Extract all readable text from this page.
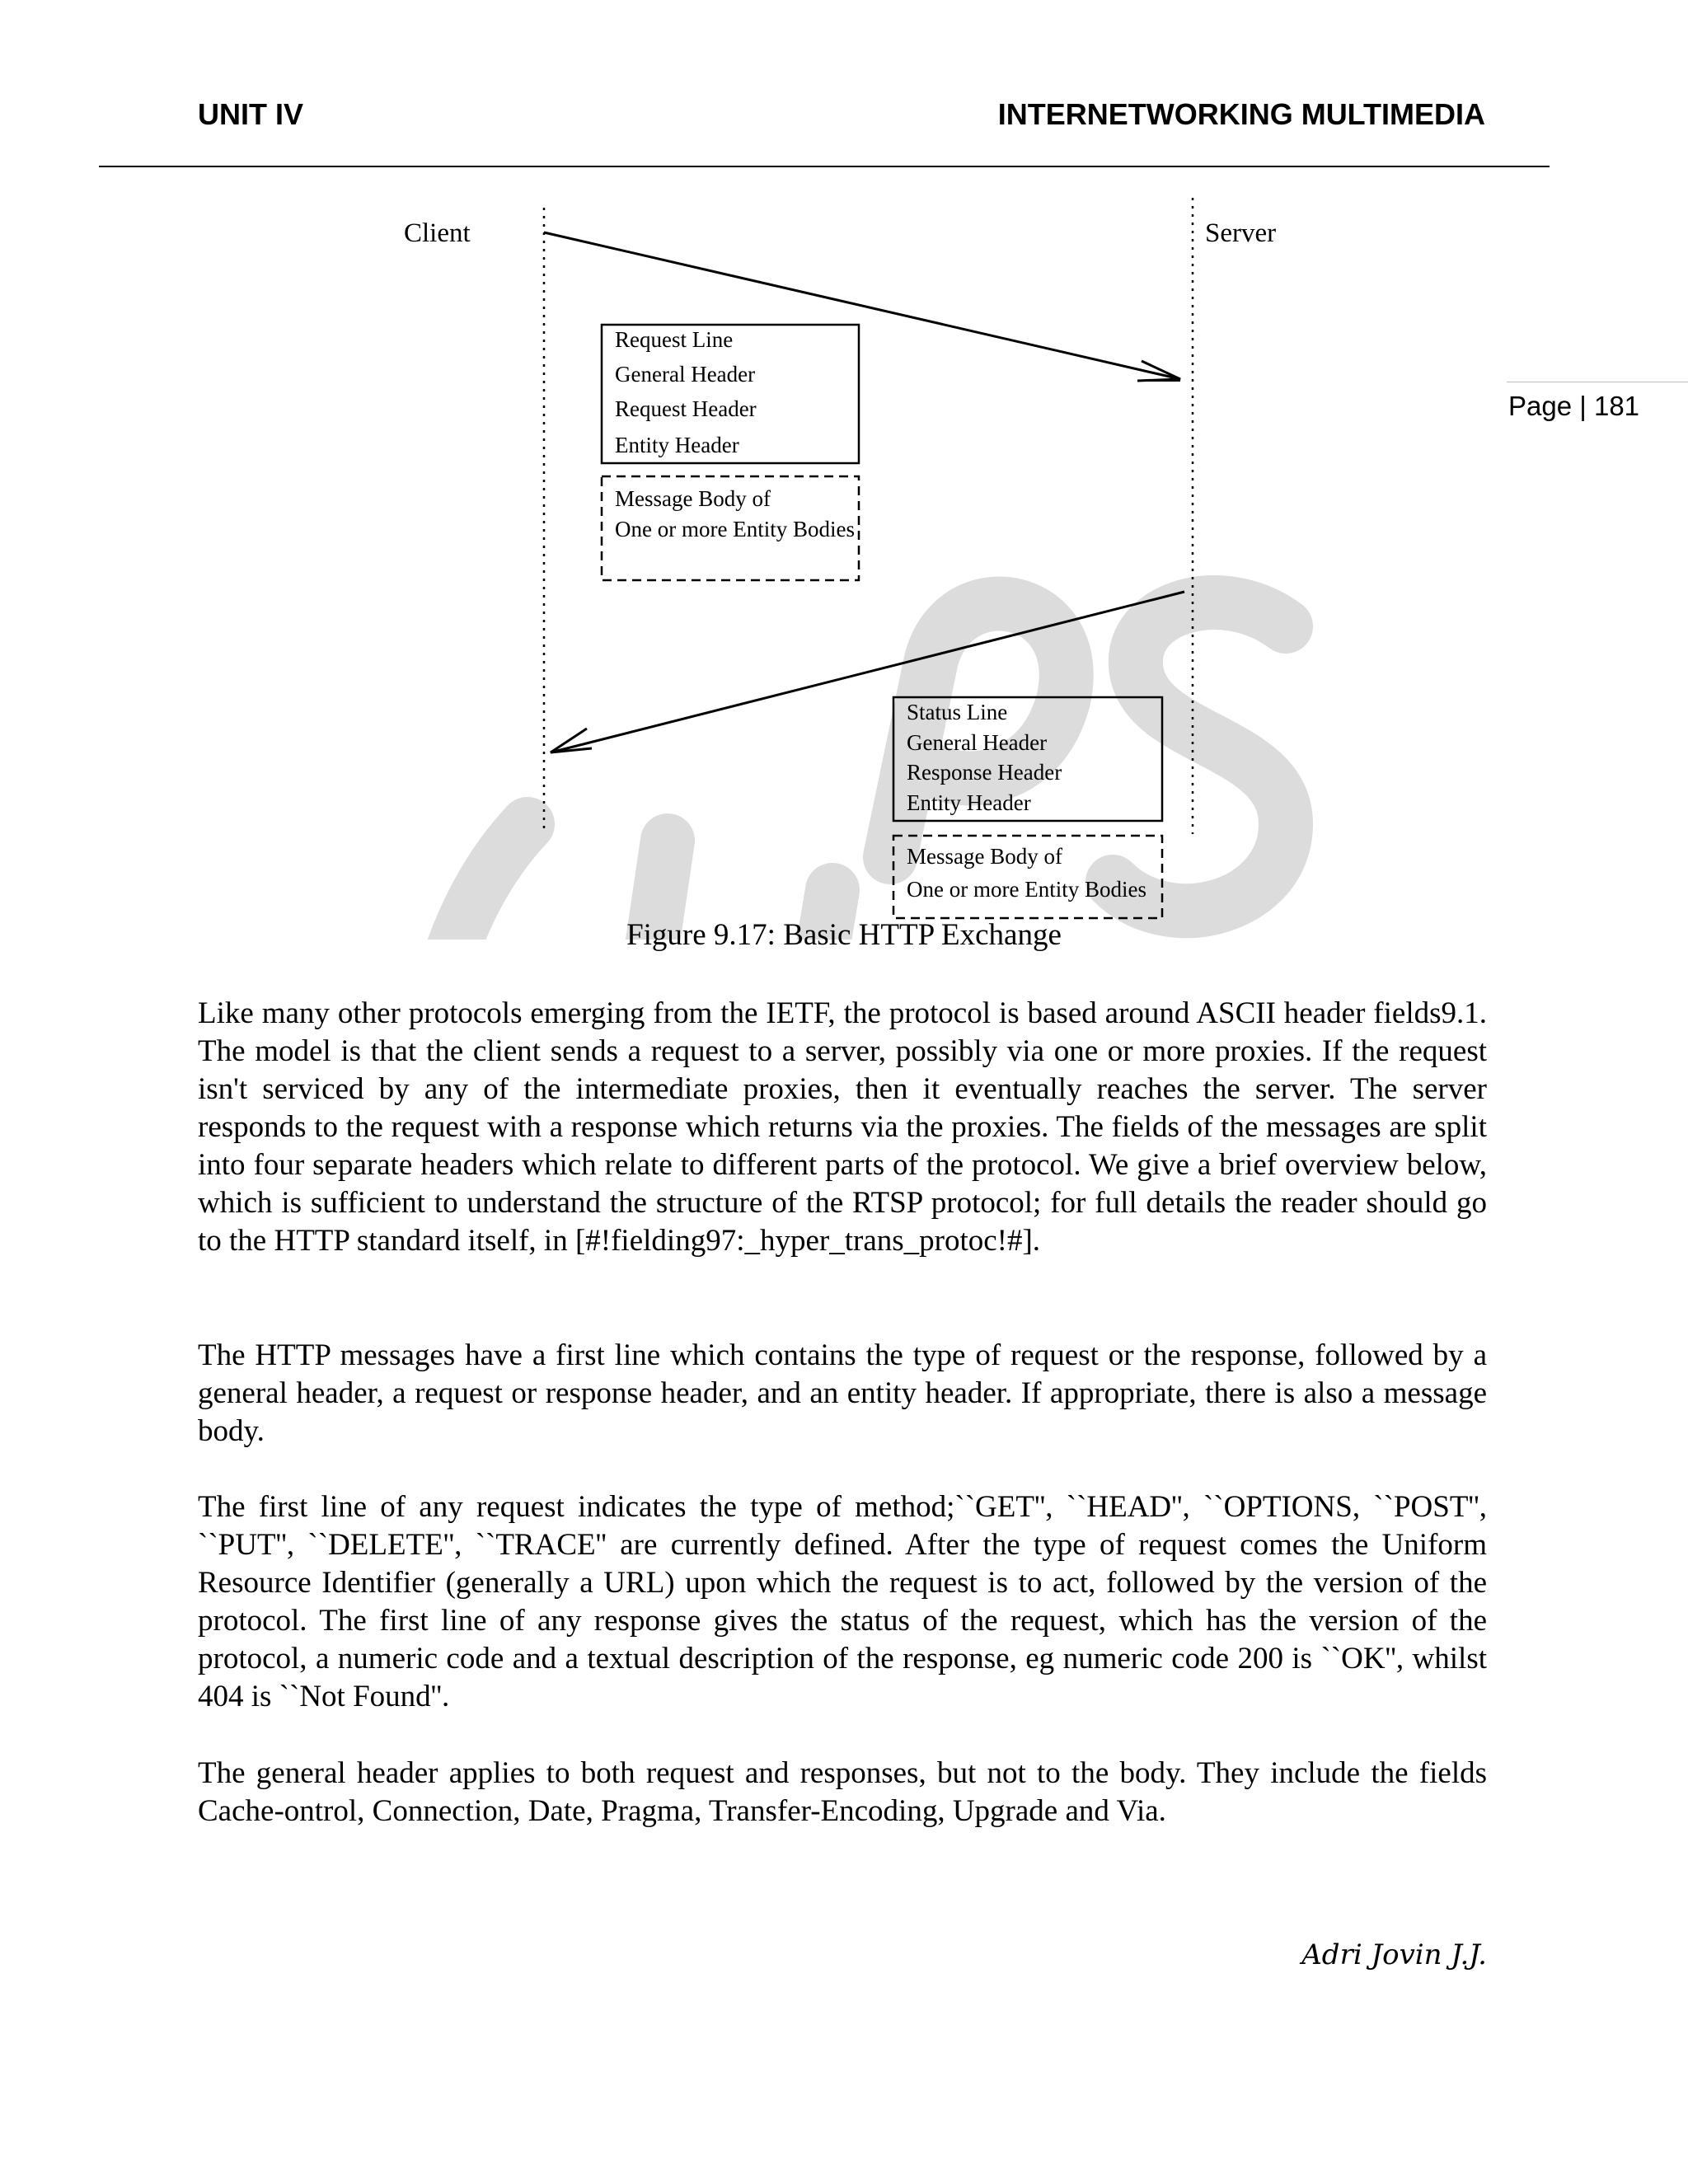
UNIT IV	INTERNETWORKING MULTIMEDIA
Page | 181
Client	Server
Request Line
General Header
Request Header
Entity Header
Message Body of
One or more Entity Bodies
Status Line
General Header
Response Header
Entity Header
Message Body of
One or more Entity Bodies
Figure 9.17: Basic HTTP Exchange

Like many other protocols emerging from the IETF, the protocol is based around ASCII header fields9.1. The model is that the client sends a request to a server, possibly via one or more proxies. If the request isn't serviced by any of the intermediate proxies, then it eventually reaches the server. The server responds to the request with a response which returns via the proxies. The fields of the messages are split into four separate headers which relate to different parts of the protocol. We give a brief overview below, which is sufficient to understand the structure of the RTSP protocol; for full details the reader should go to the HTTP standard itself, in [#!fielding97:_hyper_trans_protoc!#].

The HTTP messages have a first line which contains the type of request or the response, followed by a general header, a request or response header, and an entity header. If appropriate, there is also a message body.

The first line of any request indicates the type of method;``GET'', ``HEAD'', ``OPTIONS, ``POST'', ``PUT'', ``DELETE'', ``TRACE'' are currently defined. After the type of request comes the Uniform Resource Identifier (generally a URL) upon which the request is to act, followed by the version of the protocol. The first line of any response gives the status of the request, which has the version of the protocol, a numeric code and a textual description of the response, eg numeric code 200 is ``OK'', whilst 404 is ``Not Found''.

The general header applies to both request and responses, but not to the body. They include the fields Cache-ontrol, Connection, Date, Pragma, Transfer-Encoding, Upgrade and Via.

Adri Jovin J.J.
